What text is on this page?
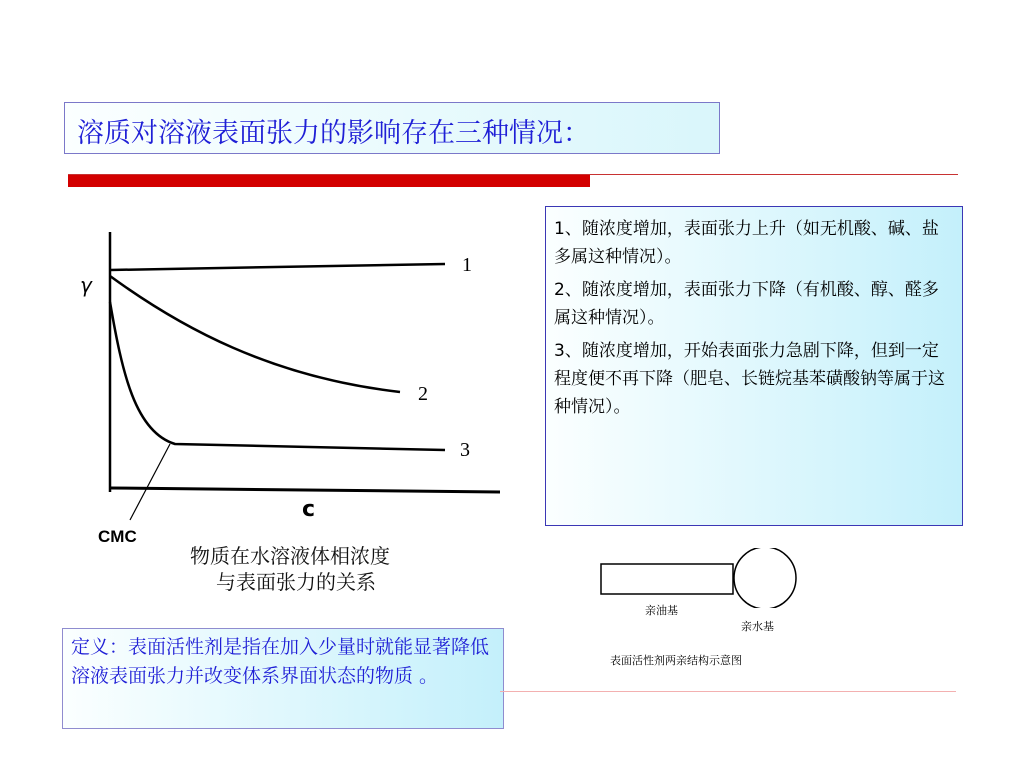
溶质对溶液表面张力的影响存在三种情况：
γ
c
CMC
1
2
3
物质在水溶液体相浓度
与表面张力的关系

1、随浓度增加，表面张力上升（如无机酸、碱、盐多属这种情况）。

2、随浓度增加，表面张力下降（有机酸、醇、醛多属这种情况）。

3、随浓度增加，开始表面张力急剧下降，但到一定程度便不再下降（肥皂、长链烷基苯磺酸钠等属于这种情况）。

定义：表面活性剂是指在加入少量时就能显著降低溶液表面张力并改变体系界面状态的物质 。
亲油基
亲水基
表面活性剂两亲结构示意图
